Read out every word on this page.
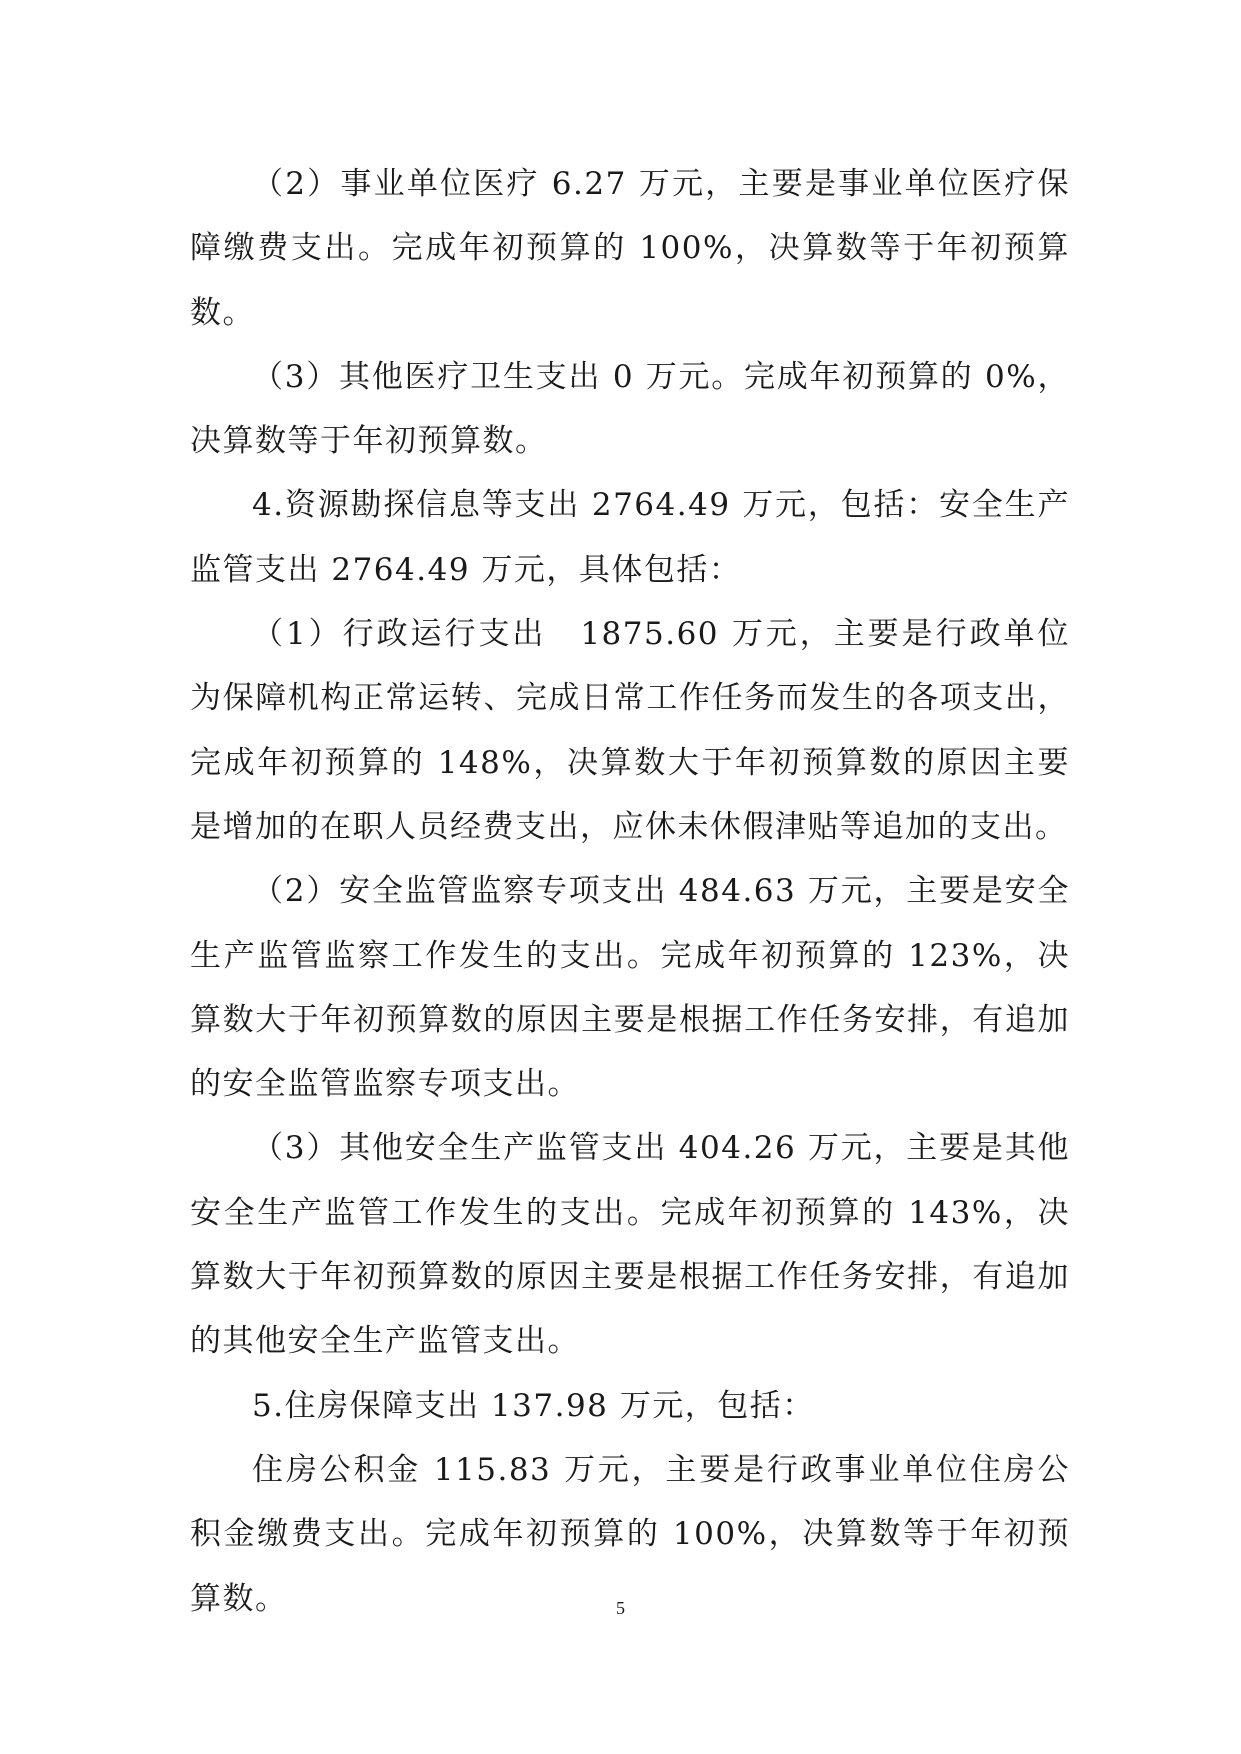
（2）事业单位医疗 6.27 万元，主要是事业单位医疗保障缴费支出。完成年初预算的 100%，决算数等于年初预算数。

（3）其他医疗卫生支出 0 万元。完成年初预算的 0%，决算数等于年初预算数。

4.资源勘探信息等支出 2764.49 万元，包括：安全生产监管支出 2764.49 万元，具体包括：

（1）行政运行支出　1875.60 万元，主要是行政单位为保障机构正常运转、完成日常工作任务而发生的各项支出，完成年初预算的 148%，决算数大于年初预算数的原因主要是增加的在职人员经费支出，应休未休假津贴等追加的支出。

（2）安全监管监察专项支出 484.63 万元，主要是安全生产监管监察工作发生的支出。完成年初预算的 123%，决算数大于年初预算数的原因主要是根据工作任务安排，有追加的安全监管监察专项支出。

（3）其他安全生产监管支出 404.26 万元，主要是其他安全生产监管工作发生的支出。完成年初预算的 143%，决算数大于年初预算数的原因主要是根据工作任务安排，有追加的其他安全生产监管支出。

5.住房保障支出 137.98 万元，包括：

住房公积金 115.83 万元，主要是行政事业单位住房公积金缴费支出。完成年初预算的 100%，决算数等于年初预算数。	5
